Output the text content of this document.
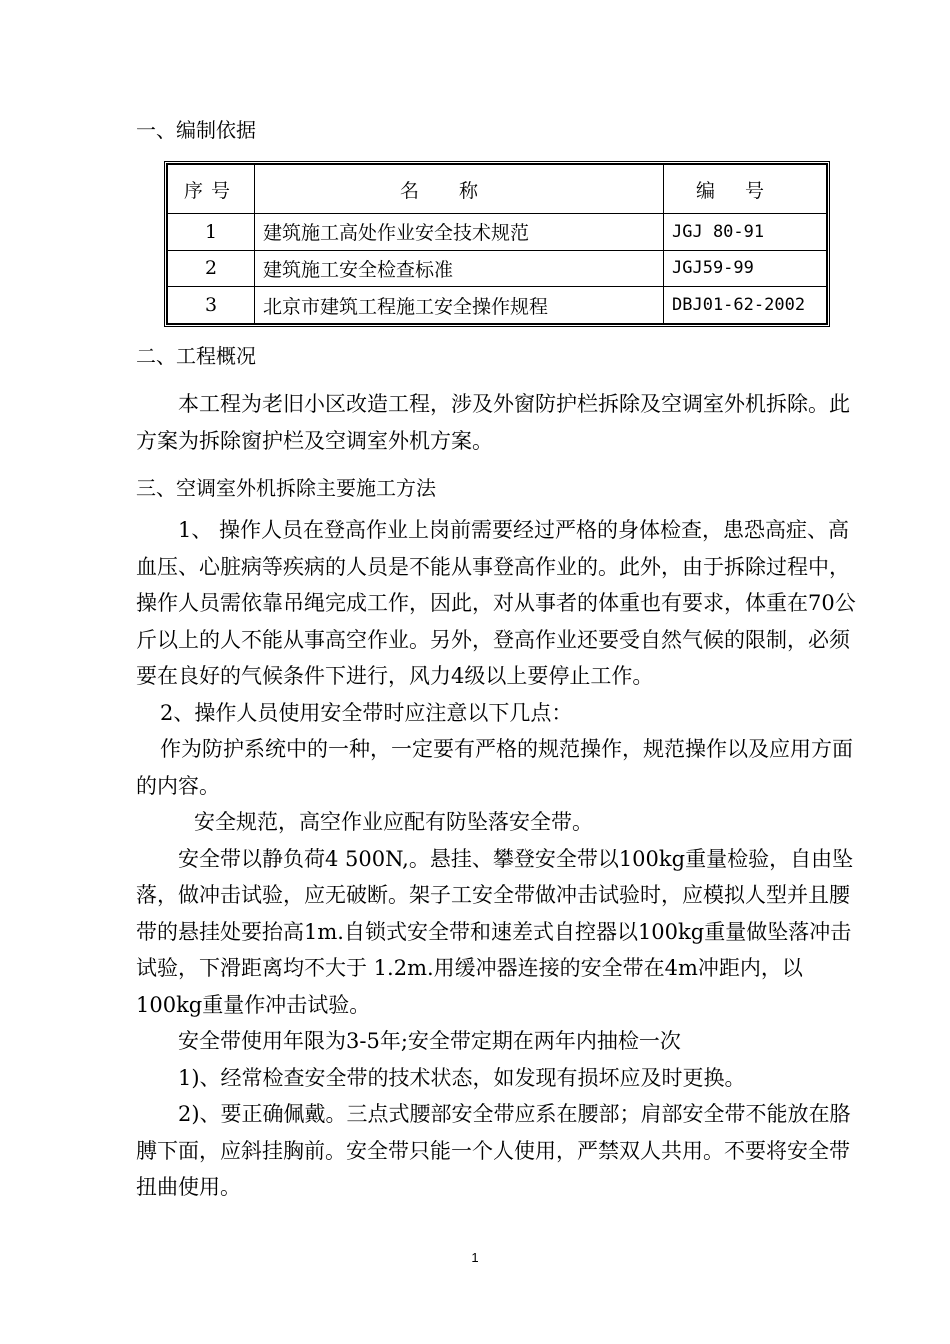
一、编制依据
序号	名称	编号
1	建筑施工高处作业安全技术规范	JGJ 80-91
2	建筑施工安全检查标准	JGJ59-99
3	北京市建筑工程施工安全操作规程	DBJ01-62-2002
二、工程概况

本工程为老旧小区改造工程，涉及外窗防护栏拆除及空调室外机拆除。此方案为拆除窗护栏及空调室外机方案。

三、空调室外机拆除主要施工方法

1、 操作人员在登高作业上岗前需要经过严格的身体检查，患恐高症、高血压、心脏病等疾病的人员是不能从事登高作业的。此外，由于拆除过程中，操作人员需依靠吊绳完成工作，因此，对从事者的体重也有要求，体重在70公斤以上的人不能从事高空作业。另外，登高作业还要受自然气候的限制，必须要在良好的气候条件下进行，风力4级以上要停止工作。

2、操作人员使用安全带时应注意以下几点：

作为防护系统中的一种，一定要有严格的规范操作，规范操作以及应用方面的内容。

安全规范，高空作业应配有防坠落安全带。

安全带以静负荷4 500N,。悬挂、攀登安全带以100kg重量检验，自由坠落，做冲击试验，应无破断。架子工安全带做冲击试验时，应模拟人型并且腰带的悬挂处要抬高1m.自锁式安全带和速差式自控器以100kg重量做坠落冲击试验，下滑距离均不大于 1.2m.用缓冲器连接的安全带在4m冲距内，以100kg重量作冲击试验。

安全带使用年限为3-5年;安全带定期在两年内抽检一次

1)、经常检查安全带的技术状态，如发现有损坏应及时更换。

2)、要正确佩戴。三点式腰部安全带应系在腰部；肩部安全带不能放在胳膊下面，应斜挂胸前。安全带只能一个人使用，严禁双人共用。不要将安全带扭曲使用。

1
